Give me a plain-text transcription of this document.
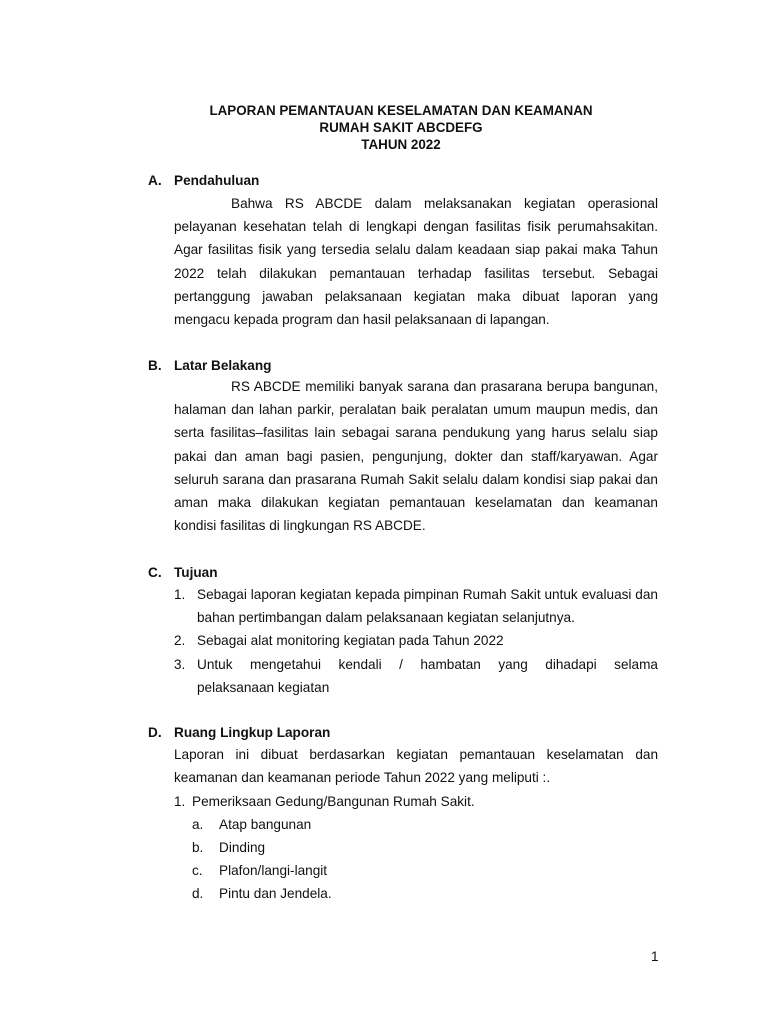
LAPORAN PEMANTAUAN KESELAMATAN DAN KEAMANAN
RUMAH SAKIT ABCDEFG
TAHUN 2022
A. Pendahuluan

Bahwa RS ABCDE dalam melaksanakan kegiatan operasional pelayanan kesehatan telah di lengkapi dengan fasilitas fisik perumahsakitan. Agar fasilitas fisik yang tersedia selalu dalam keadaan siap pakai maka Tahun 2022 telah dilakukan pemantauan terhadap fasilitas tersebut. Sebagai pertanggung jawaban pelaksanaan kegiatan maka dibuat laporan yang mengacu kepada program dan hasil pelaksanaan di lapangan.

B. Latar Belakang

RS ABCDE memiliki banyak sarana dan prasarana berupa bangunan, halaman dan lahan parkir, peralatan baik peralatan umum maupun medis, dan serta fasilitas–fasilitas lain sebagai sarana pendukung yang harus selalu siap pakai dan aman bagi pasien, pengunjung, dokter dan staff/karyawan. Agar seluruh sarana dan prasarana Rumah Sakit selalu dalam kondisi siap pakai dan aman maka dilakukan kegiatan pemantauan keselamatan dan keamanan kondisi fasilitas di lingkungan RS ABCDE.

C. Tujuan
1. Sebagai laporan kegiatan kepada pimpinan Rumah Sakit untuk evaluasi dan bahan pertimbangan dalam pelaksanaan kegiatan selanjutnya.
2. Sebagai alat monitoring kegiatan pada Tahun 2022
3. Untuk mengetahui kendali / hambatan yang dihadapi selama
pelaksanaan kegiatan
D. Ruang Lingkup Laporan

Laporan ini dibuat berdasarkan kegiatan pemantauan keselamatan dan keamanan dan keamanan periode Tahun 2022 yang meliputi :.

1. Pemeriksaan Gedung/Bangunan Rumah Sakit.
a. Atap bangunan
b. Dinding
c. Plafon/langi-langit
d. Pintu dan Jendela.
1
